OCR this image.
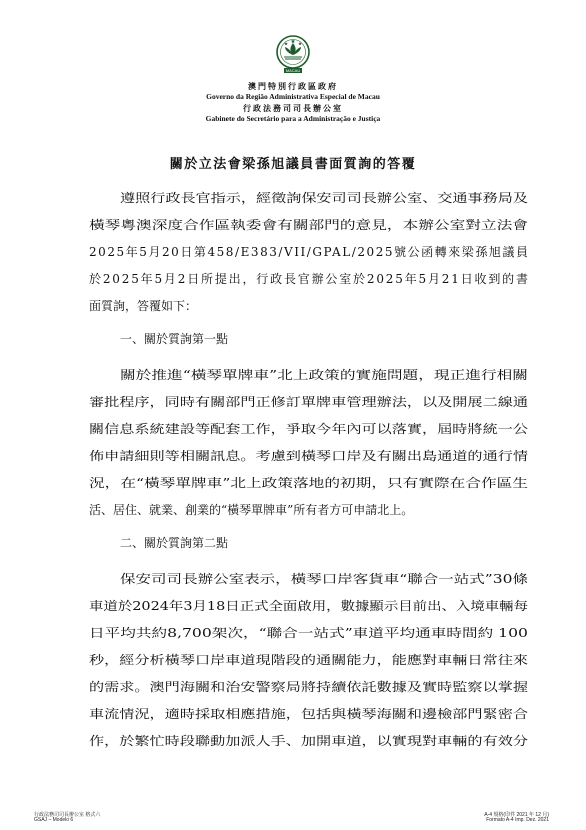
MACAU
澳門特別行政區政府
Governo da Região Administrativa Especial de Macau
行政法務司司長辦公室
Gabinete do Secretário para a Administração e Justiça
關於立法會梁孫旭議員書面質詢的答覆
遵照行政長官指示，經徵詢保安司司長辦公室、交通事務局及
橫琴粵澳深度合作區執委會有關部門的意見，本辦公室對立法會
2025年5月20日第458/E383/VII/GPAL/2025號公函轉來梁孫旭議員
於2025年5月2日所提出，行政長官辦公室於2025年5月21日收到的書
面質詢，答覆如下：
一、關於質詢第一點
關於推進“橫琴單牌車”北上政策的實施問題，現正進行相關
審批程序，同時有關部門正修訂單牌車管理辦法，以及開展二線通
關信息系統建設等配套工作，爭取今年內可以落實，屆時將統一公
佈申請細則等相關訊息。考慮到橫琴口岸及有關出島通道的通行情
況，在“橫琴單牌車”北上政策落地的初期，只有實際在合作區生
活、居住、就業、創業的“橫琴單牌車”所有者方可申請北上。
二、關於質詢第二點
保安司司長辦公室表示，橫琴口岸客貨車“聯合一站式”30條
車道於2024年3月18日正式全面啟用，數據顯示目前出、入境車輛每
日平均共約8,700架次，“聯合一站式”車道平均通車時間約 100
秒，經分析橫琴口岸車道現階段的通關能力，能應對車輛日常往來
的需求。澳門海關和治安警察局將持續依託數據及實時監察以掌握
車流情況，適時採取相應措施，包括與橫琴海關和邊檢部門緊密合
作，於繁忙時段聯動加派人手、加開車道，以實現對車輛的有效分
行政法務司司長辦公室 格式六
GSAJ – Modelo 6
A-4 規格(印件 2021 年 12 月)
Formato A-4 Imp. Dez. 2021
